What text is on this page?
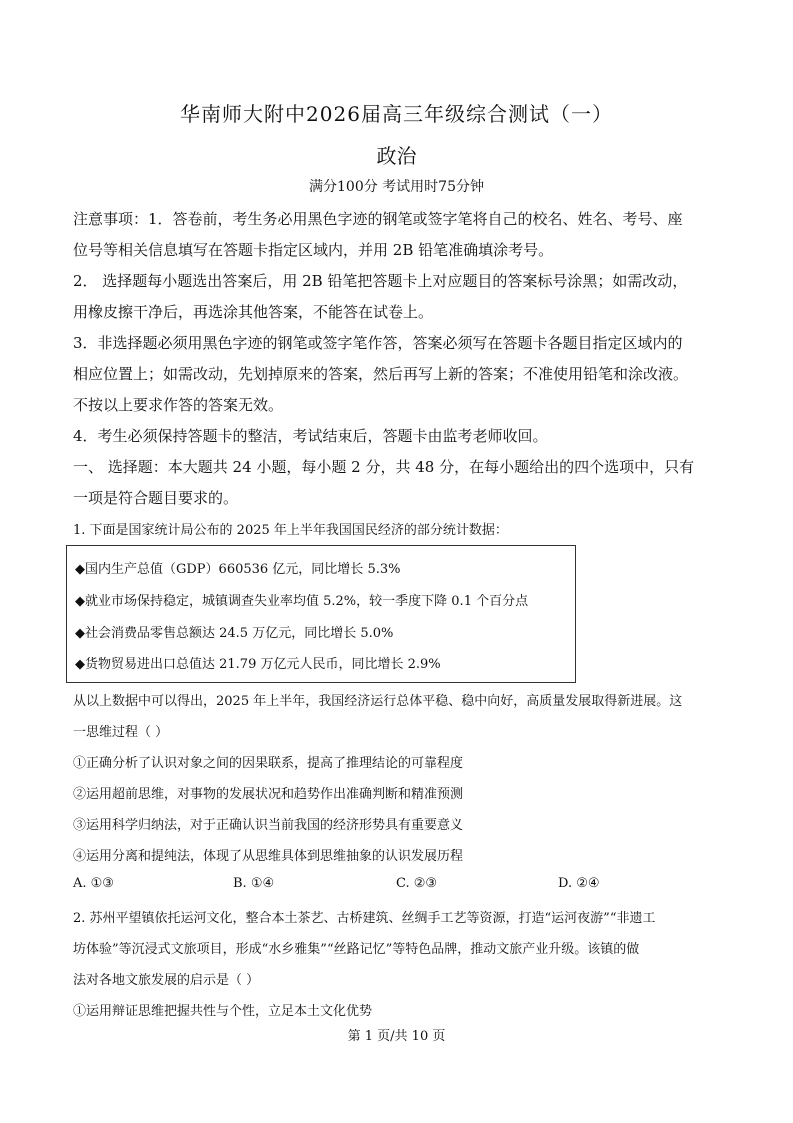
华南师大附中2026届高三年级综合测试（一）
政治
满分100分 考试用时75分钟
注意事项：1．答卷前，考生务必用黑色字迹的钢笔或签字笔将自己的校名、姓名、考号、座
位号等相关信息填写在答题卡指定区域内，并用 2B 铅笔准确填涂考号。
2． 选择题每小题选出答案后，用 2B 铅笔把答题卡上对应题目的答案标号涂黑；如需改动，
用橡皮擦干净后，再选涂其他答案，不能答在试卷上。
3．非选择题必须用黑色字迹的钢笔或签字笔作答，答案必须写在答题卡各题目指定区域内的
相应位置上；如需改动，先划掉原来的答案，然后再写上新的答案；不准使用铅笔和涂改液。
不按以上要求作答的答案无效。
4．考生必须保持答题卡的整洁，考试结束后，答题卡由监考老师收回。
一、 选择题：本大题共 24 小题，每小题 2 分，共 48 分，在每小题给出的四个选项中，只有
一项是符合题目要求的。
1. 下面是国家统计局公布的 2025 年上半年我国国民经济的部分统计数据：
◆国内生产总值（GDP）660536 亿元，同比增长 5.3%
◆就业市场保持稳定，城镇调查失业率均值 5.2%，较一季度下降 0.1 个百分点
◆社会消费品零售总额达 24.5 万亿元，同比增长 5.0%
◆货物贸易进出口总值达 21.79 万亿元人民币，同比增长 2.9%
从以上数据中可以得出，2025 年上半年，我国经济运行总体平稳、稳中向好，高质量发展取得新进展。这
一思维过程（ ）
①正确分析了认识对象之间的因果联系，提高了推理结论的可靠程度
②运用超前思维，对事物的发展状况和趋势作出准确判断和精准预测
③运用科学归纳法，对于正确认识当前我国的经济形势具有重要意义
④运用分离和提纯法，体现了从思维具体到思维抽象的认识发展历程
A. ①③	B. ①④	C. ②③	D. ②④
2. 苏州平望镇依托运河文化，整合本土茶艺、古桥建筑、丝绸手工艺等资源，打造“运河夜游”“非遗工
坊体验”等沉浸式文旅项目，形成“水乡雅集”“丝路记忆”等特色品牌，推动文旅产业升级。该镇的做
法对各地文旅发展的启示是（ ）
①运用辩证思维把握共性与个性，立足本土文化优势
第 1 页/共 10 页
